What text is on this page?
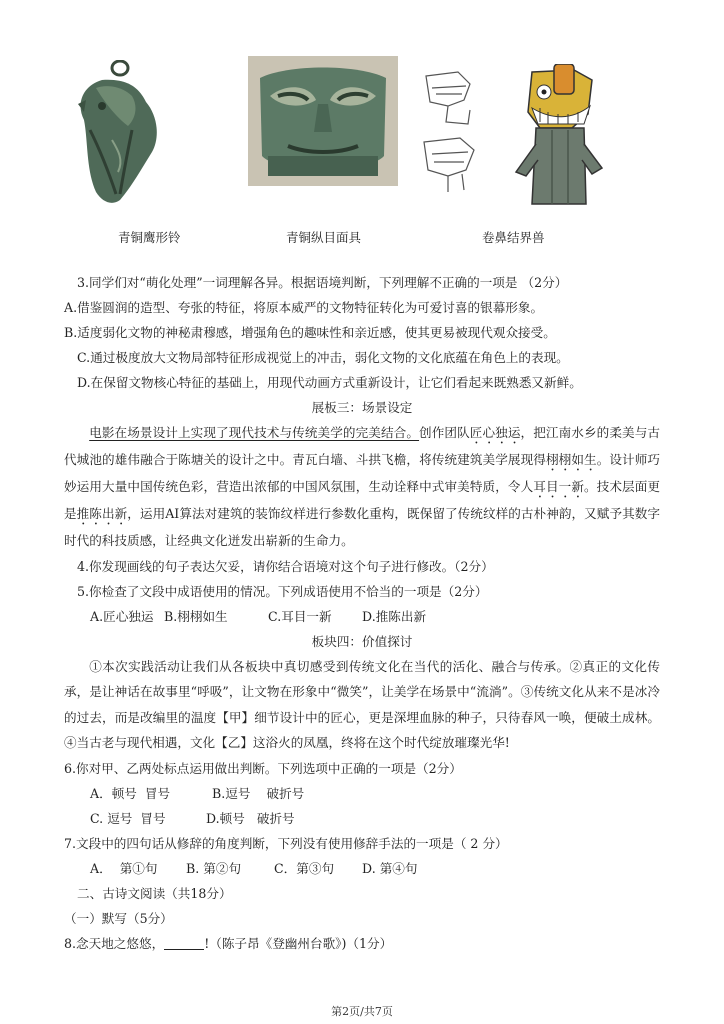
青铜鹰形铃	青铜纵目面具	卷鼻结界兽
3.同学们对“萌化处理”一词理解各异。根据语境判断，下列理解不正确的一项是 （2分）
A.借鉴圆润的造型、夸张的特征，将原本威严的文物特征转化为可爱讨喜的银幕形象。
B.适度弱化文物的神秘肃穆感，增强角色的趣味性和亲近感，使其更易被现代观众接受。
C.通过极度放大文物局部特征形成视觉上的冲击，弱化文物的文化底蕴在角色上的表现。
D.在保留文物核心特征的基础上，用现代动画方式重新设计，让它们看起来既熟悉又新鲜。
展板三：场景设定
电影在场景设计上实现了现代技术与传统美学的完美结合。创作团队匠心独运，把江南水乡的柔美与古代城池的雄伟融合于陈塘关的设计之中。青瓦白墙、斗拱飞檐，将传统建筑美学展现得栩栩如生。设计师巧妙运用大量中国传统色彩，营造出浓郁的中国风氛围，生动诠释中式审美特质，令人耳目一新。技术层面更是推陈出新，运用AI算法对建筑的装饰纹样进行参数化重构，既保留了传统纹样的古朴神韵，又赋予其数字时代的科技质感，让经典文化迸发出崭新的生命力。
4.你发现画线的句子表达欠妥，请你结合语境对这个句子进行修改。（2分）
5.你检查了文段中成语使用的情况。下列成语使用不恰当的一项是（2分）
A.匠心独运 B.栩栩如生	C.耳目一新 D.推陈出新
板块四：价值探讨
①本次实践活动让我们从各板块中真切感受到传统文化在当代的活化、融合与传承。②真正的文化传承，是让神话在故事里“呼吸”，让文物在形象中“微笑”，让美学在场景中“流淌”。③传统文化从来不是冰冷的过去，而是改编里的温度【甲】细节设计中的匠心，更是深埋血脉的种子，只待春风一唤，便破土成林。④当古老与现代相遇，文化【乙】这浴火的凤凰，终将在这个时代绽放璀璨光华!
6.你对甲、乙两处标点运用做出判断。下列选项中正确的一项是（2分）
A．顿号  冒号	B.逗号    破折号
C. 逗号  冒号	D.顿号   破折号
7.文段中的四句话从修辞的角度判断，下列没有使用修辞手法的一项是（ 2 分）
A．  第①句 B. 第②句	C．第③句 D. 第④句
二、古诗文阅读（共18分）
（一）默写（5分）
8.念天地之悠悠，	!（陈子昂《登幽州台歌》)（1分）
第2页/共7页
